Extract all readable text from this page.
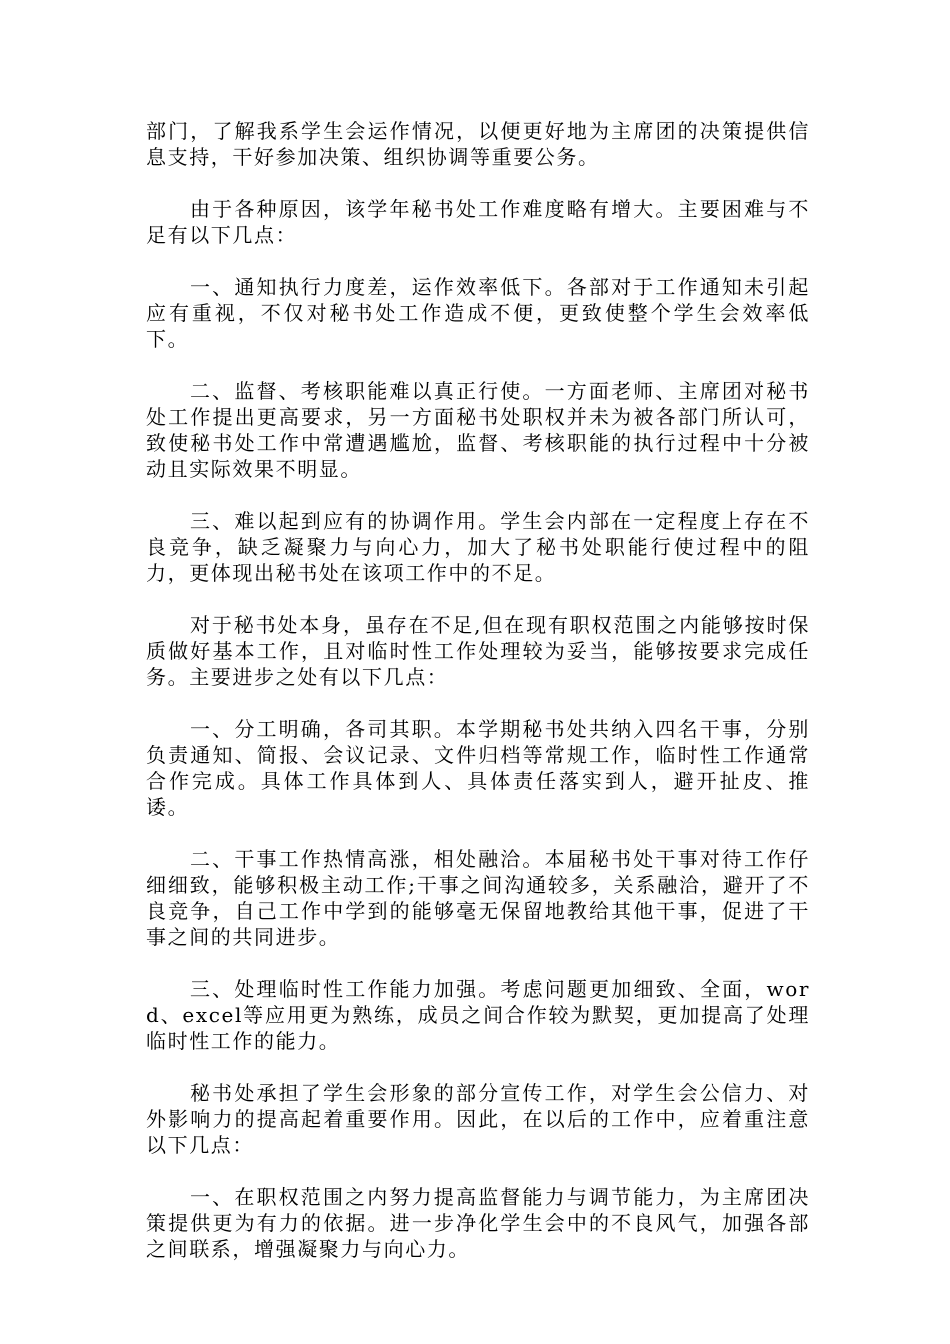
部门，了解我系学生会运作情况，以便更好地为主席团的决策提供信息支持，干好参加决策、组织协调等重要公务。

由于各种原因，该学年秘书处工作难度略有增大。主要困难与不足有以下几点：

一、通知执行力度差，运作效率低下。各部对于工作通知未引起应有重视，不仅对秘书处工作造成不便，更致使整个学生会效率低下。

二、监督、考核职能难以真正行使。一方面老师、主席团对秘书处工作提出更高要求，另一方面秘书处职权并未为被各部门所认可，致使秘书处工作中常遭遇尴尬，监督、考核职能的执行过程中十分被动且实际效果不明显。

三、难以起到应有的协调作用。学生会内部在一定程度上存在不良竞争，缺乏凝聚力与向心力，加大了秘书处职能行使过程中的阻力，更体现出秘书处在该项工作中的不足。

对于秘书处本身，虽存在不足,但在现有职权范围之内能够按时保质做好基本工作，且对临时性工作处理较为妥当，能够按要求完成任务。主要进步之处有以下几点：

一、分工明确，各司其职。本学期秘书处共纳入四名干事，分别负责通知、简报、会议记录、文件归档等常规工作，临时性工作通常合作完成。具体工作具体到人、具体责任落实到人，避开扯皮、推诿。

二、干事工作热情高涨，相处融洽。本届秘书处干事对待工作仔细细致，能够积极主动工作;干事之间沟通较多，关系融洽，避开了不良竞争，自己工作中学到的能够毫无保留地教给其他干事，促进了干事之间的共同进步。

三、处理临时性工作能力加强。考虑问题更加细致、全面，word、excel等应用更为熟练，成员之间合作较为默契，更加提高了处理临时性工作的能力。

秘书处承担了学生会形象的部分宣传工作，对学生会公信力、对外影响力的提高起着重要作用。因此，在以后的工作中，应着重注意以下几点：

一、在职权范围之内努力提高监督能力与调节能力，为主席团决策提供更为有力的依据。进一步净化学生会中的不良风气，加强各部之间联系，增强凝聚力与向心力。
